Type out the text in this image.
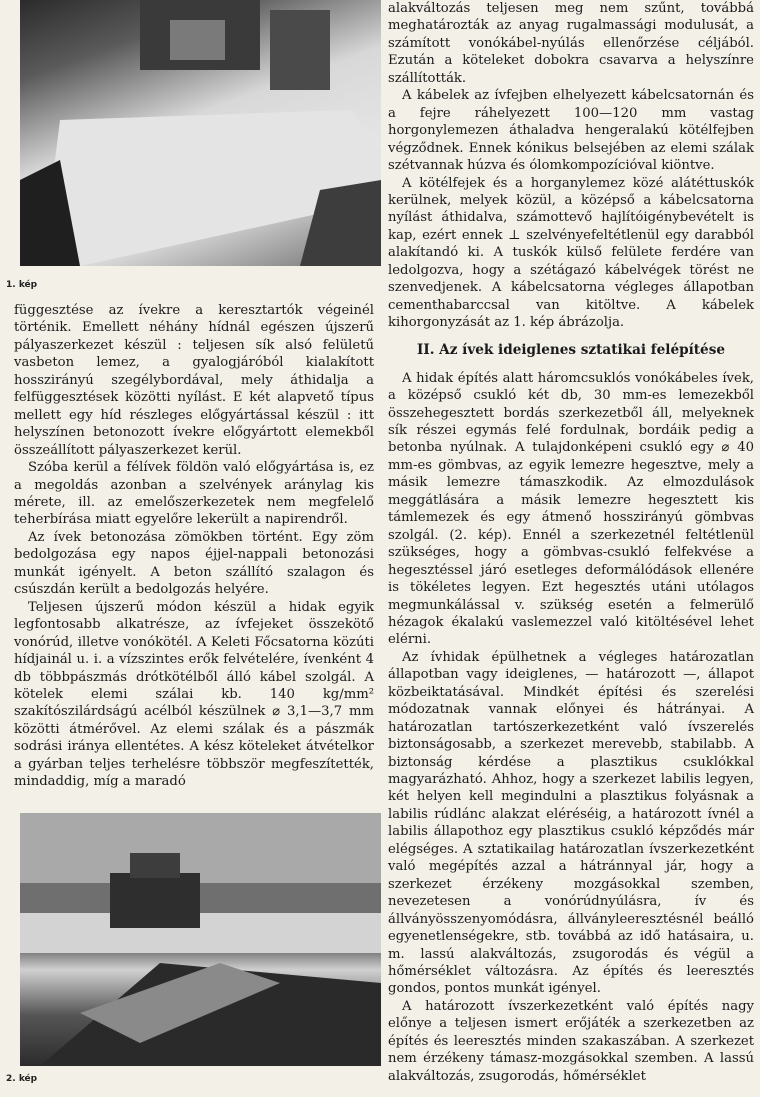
1. kép

függesztése az ívekre a keresztartók végeinél történik. Emellett néhány hídnál egészen újszerű pályaszerkezet készül : teljesen sík alsó felületű vasbeton lemez, a gyalogjáróból kialakított hosszirányú szegélybordával, mely áthidalja a felfüggesztések közötti nyílást. E két alapvető típus mellett egy híd részleges előgyártással készül : itt helyszínen betonozott ívekre előgyártott elemekből összeállított pályaszerkezet kerül.

Szóba kerül a félívek földön való előgyártása is, ez a megoldás azonban a szelvények aránylag kis mérete, ill. az emelőszerkezetek nem megfelelő teherbírása miatt egyelőre lekerült a napirendről.

Az ívek betonozása zömökben történt. Egy zöm bedolgozása egy napos éjjel-nappali betonozási munkát igényelt. A beton szállító szalagon és csúszdán került a bedolgozás helyére.

Teljesen újszerű módon készül a hidak egyik legfontosabb alkatrésze, az ívfejeket összekötő vonórúd, illetve vonókötél. A Keleti Főcsatorna közúti hídjainál u. i. a vízszintes erők felvételére, ívenként 4 db többpászmás drótkötélből álló kábel szolgál. A kötelek elemi szálai kb. 140 kg/mm² szakítószilárdságú acélból készülnek ⌀ 3,1—3,7 mm közötti átmérővel. Az elemi szálak és a pászmák sodrási iránya ellentétes. A kész köteleket átvételkor a gyárban teljes terhelésre többször megfeszítették, mindaddig, míg a maradó

2. kép

alakváltozás teljesen meg nem szűnt, továbbá meghatározták az anyag rugalmassági modulusát, a számított vonókábel-nyúlás ellenőrzése céljából. Ezután a köteleket dobokra csavarva a helyszínre szállították.

A kábelek az ívfejben elhelyezett kábelcsatornán és a fejre ráhelyezett 100—120 mm vastag horgonylemezen áthaladva hengeralakú kötélfejben végződnek. Ennek kónikus belsejében az elemi szálak szétvannak húzva és ólomkompozícióval kiöntve.

A kötélfejek és a horganylemez közé alátéttuskók kerülnek, melyek közül, a középső a kábelcsatorna nyílást áthidalva, számottevő hajlítóigénybevételt is kap, ezért ennek ⊥ szelvényefeltétlenül egy darabból alakítandó ki. A tuskók külső felülete ferdére van ledolgozva, hogy a szétágazó kábelvégek törést ne szenvedjenek. A kábelcsatorna végleges állapotban cementhabarccsal van kitöltve. A kábelek kihorgonyzását az 1. kép ábrázolja.

II. Az ívek ideiglenes sztatikai felépítése

A hidak építés alatt háromcsuklós vonókábeles ívek, a középső csukló két db, 30 mm-es lemezekből összehegesztett bordás szerkezetből áll, melyeknek sík részei egymás felé fordulnak, bordáik pedig a betonba nyúlnak. A tulajdonképeni csukló egy ⌀ 40 mm-es gömbvas, az egyik lemezre hegesztve, mely a másik lemezre támaszkodik. Az elmozdulások meggátlására a másik lemezre hegesztett kis támlemezek és egy átmenő hosszirányú gömbvas szolgál. (2. kép). Ennél a szerkezetnél feltétlenül szükséges, hogy a gömbvas-csukló felfekvése a hegesztéssel járó esetleges deformálódások ellenére is tökéletes legyen. Ezt hegesztés utáni utólagos megmunkálással v. szükség esetén a felmerülő hézagok ékalakú vaslemezzel való kitöltésével lehet elérni.

Az ívhidak épülhetnek a végleges határozatlan állapotban vagy ideiglenes, — határozott —, állapot közbeiktatásával. Mindkét építési és szerelési módozatnak vannak előnyei és hátrányai. A határozatlan tartószerkezetként való ívszerelés biztonságosabb, a szerkezet merevebb, stabilabb. A biztonság kérdése a plasztikus csuklókkal magyarázható. Ahhoz, hogy a szerkezet labilis legyen, két helyen kell megindulni a plasztikus folyásnak a labilis rúdlánc alakzat eléréséig, a határozott ívnél a labilis állapothoz egy plasztikus csukló képződés már elégséges. A sztatikailag határozatlan ívszerkezetként való megépítés azzal a hátránnyal jár, hogy a szerkezet érzékeny mozgásokkal szemben, nevezetesen a vonórúdnyúlásra, ív és állványösszenyomódásra, állványleeresztésnél beálló egyenetlenségekre, stb. továbbá az idő hatásaira, u. m. lassú alakváltozás, zsugorodás és végül a hőmérséklet változásra. Az építés és leeresztés gondos, pontos munkát igényel.

A határozott ívszerkezetként való építés nagy előnye a teljesen ismert erőjáték a szerkezetben az építés és leeresztés minden szakaszában. A szerkezet nem érzékeny támasz-mozgásokkal szemben. A lassú alakváltozás, zsugorodás, hőmérséklet
